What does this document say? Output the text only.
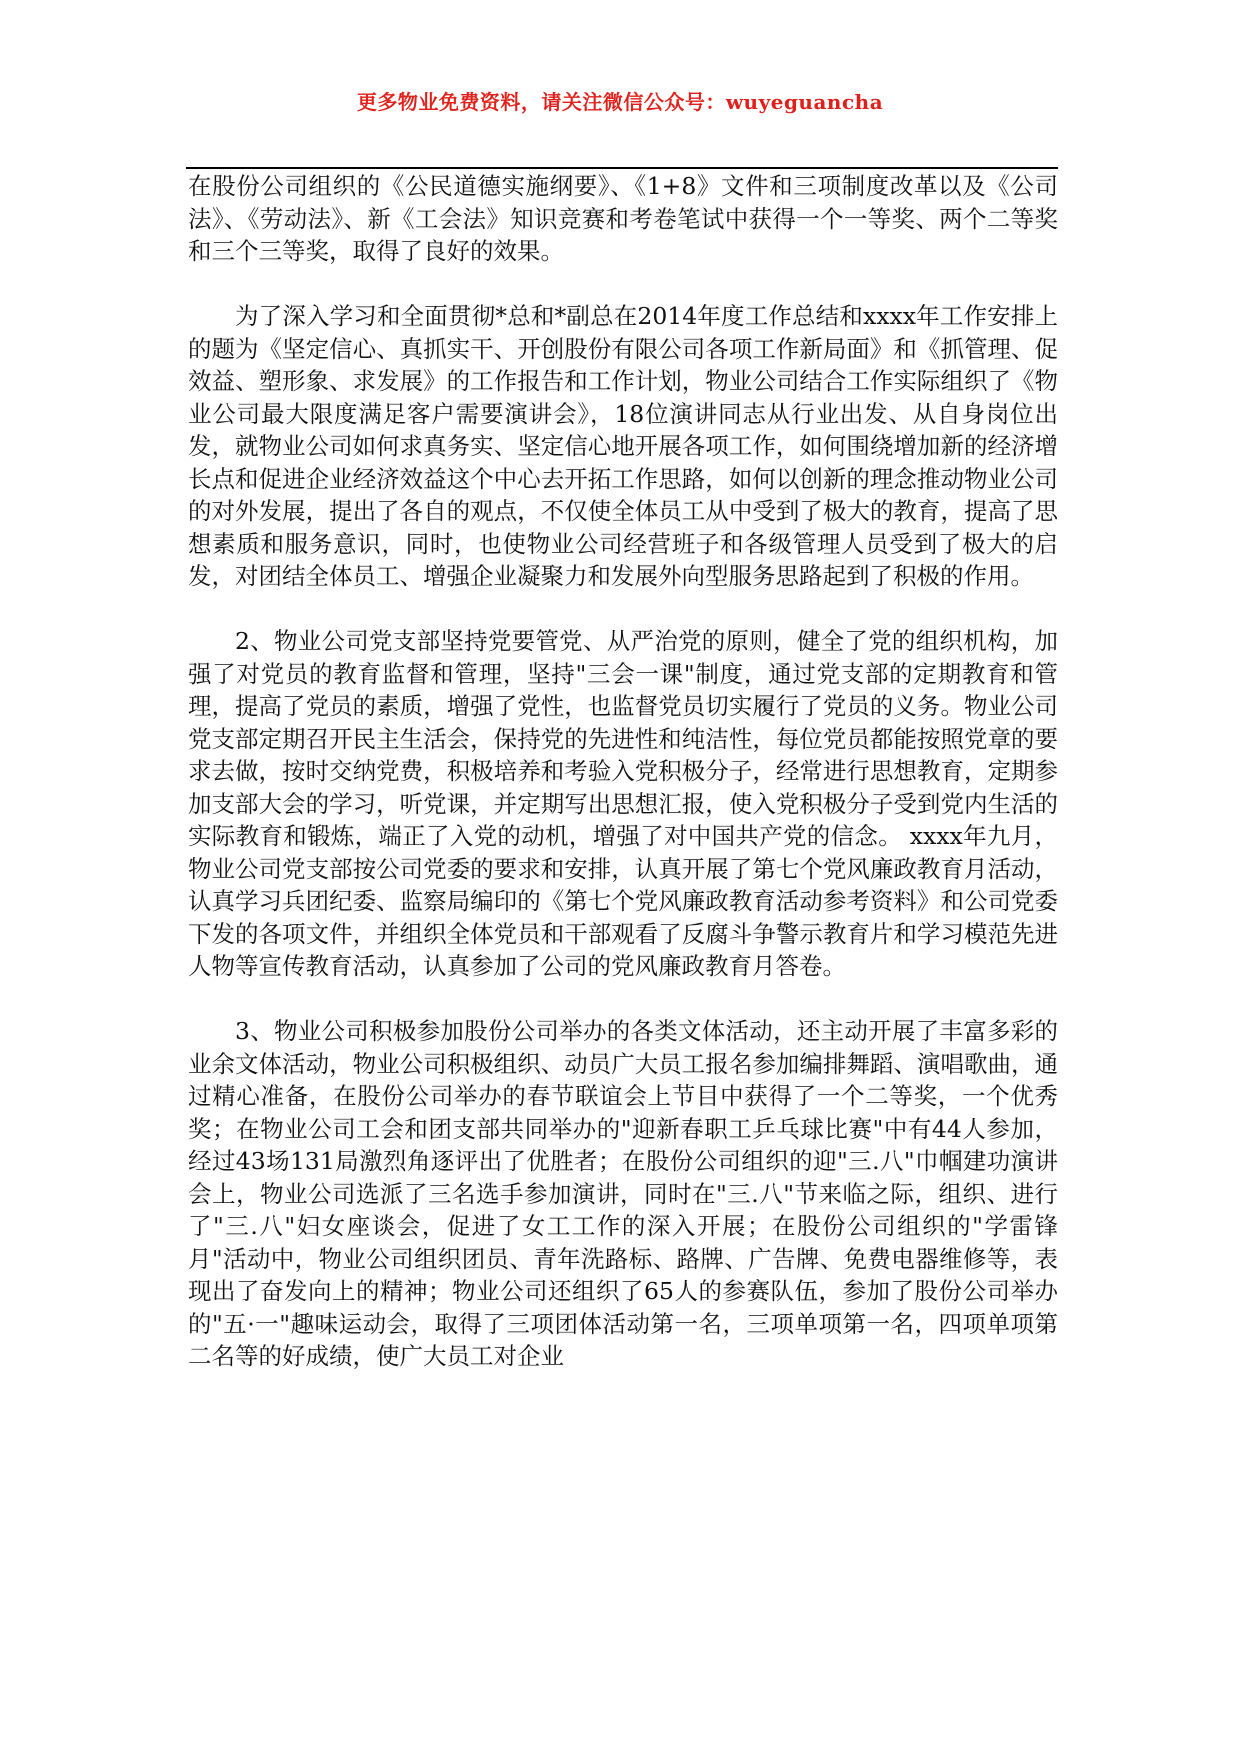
更多物业免费资料，请关注微信公众号：wuyeguancha

在股份公司组织的《公民道德实施纲要》、《1+8》文件和三项制度改革以及《公司法》、《劳动法》、新《工会法》知识竞赛和考卷笔试中获得一个一等奖、两个二等奖和三个三等奖，取得了良好的效果。

为了深入学习和全面贯彻*总和*副总在2014年度工作总结和xxxx年工作安排上的题为《坚定信心、真抓实干、开创股份有限公司各项工作新局面》和《抓管理、促效益、塑形象、求发展》的工作报告和工作计划，物业公司结合工作实际组织了《物业公司最大限度满足客户需要演讲会》，18位演讲同志从行业出发、从自身岗位出发，就物业公司如何求真务实、坚定信心地开展各项工作，如何围绕增加新的经济增长点和促进企业经济效益这个中心去开拓工作思路，如何以创新的理念推动物业公司的对外发展，提出了各自的观点，不仅使全体员工从中受到了极大的教育，提高了思想素质和服务意识，同时，也使物业公司经营班子和各级管理人员受到了极大的启发，对团结全体员工、增强企业凝聚力和发展外向型服务思路起到了积极的作用。

2、物业公司党支部坚持党要管党、从严治党的原则，健全了党的组织机构，加强了对党员的教育监督和管理，坚持"三会一课"制度，通过党支部的定期教育和管理，提高了党员的素质，增强了党性，也监督党员切实履行了党员的义务。物业公司党支部定期召开民主生活会，保持党的先进性和纯洁性，每位党员都能按照党章的要求去做，按时交纳党费，积极培养和考验入党积极分子，经常进行思想教育，定期参加支部大会的学习，听党课，并定期写出思想汇报，使入党积极分子受到党内生活的实际教育和锻炼，端正了入党的动机，增强了对中国共产党的信念。 xxxx年九月，物业公司党支部按公司党委的要求和安排，认真开展了第七个党风廉政教育月活动，认真学习兵团纪委、监察局编印的《第七个党风廉政教育活动参考资料》和公司党委下发的各项文件，并组织全体党员和干部观看了反腐斗争警示教育片和学习模范先进人物等宣传教育活动，认真参加了公司的党风廉政教育月答卷。

3、物业公司积极参加股份公司举办的各类文体活动，还主动开展了丰富多彩的业余文体活动，物业公司积极组织、动员广大员工报名参加编排舞蹈、演唱歌曲，通过精心准备，在股份公司举办的春节联谊会上节目中获得了一个二等奖，一个优秀奖；在物业公司工会和团支部共同举办的"迎新春职工乒乓球比赛"中有44人参加，经过43场131局激烈角逐评出了优胜者；在股份公司组织的迎"三.八"巾帼建功演讲会上，物业公司选派了三名选手参加演讲，同时在"三.八"节来临之际，组织、进行了"三.八"妇女座谈会，促进了女工工作的深入开展；在股份公司组织的"学雷锋月"活动中，物业公司组织团员、青年洗路标、路牌、广告牌、免费电器维修等，表现出了奋发向上的精神；物业公司还组织了65人的参赛队伍，参加了股份公司举办的"五·一"趣味运动会，取得了三项团体活动第一名，三项单项第一名，四项单项第二名等的好成绩，使广大员工对企业
